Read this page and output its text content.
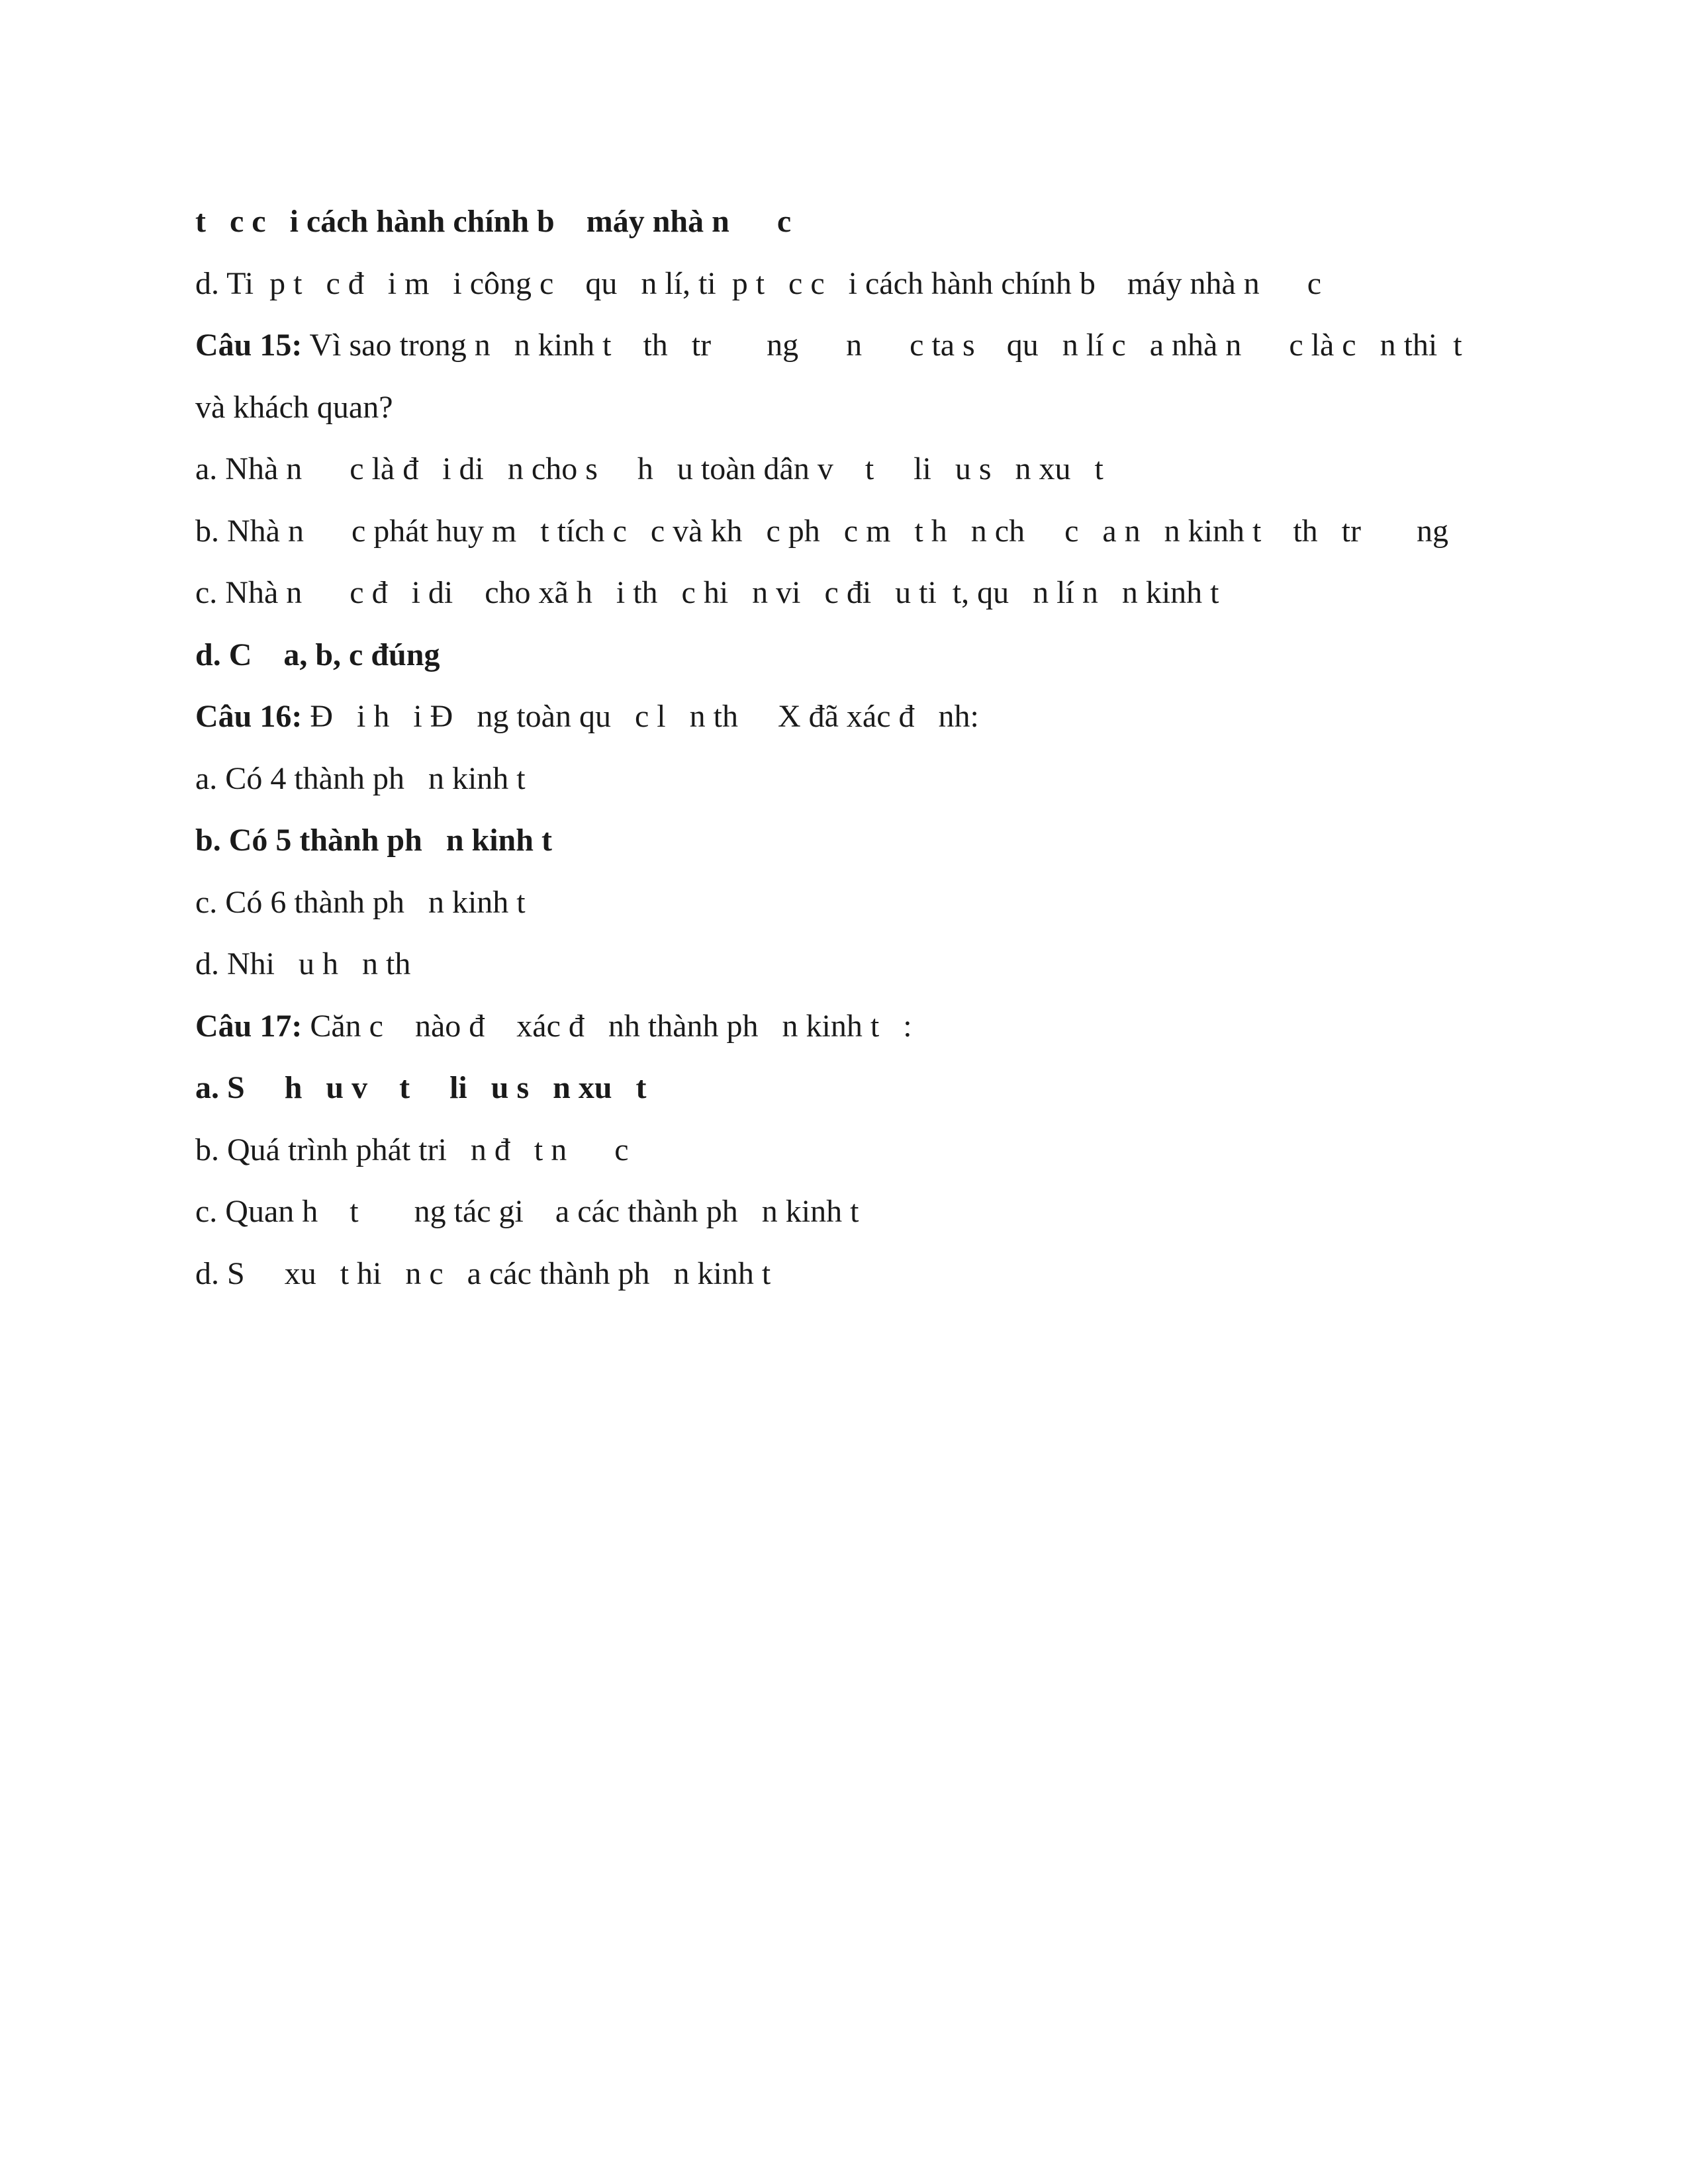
t   c c   i cách hành chính b    máy nhà n      c
d. Ti  p t   c đ   i m   i công c    qu   n lí, ti  p t   c c   i cách hành chính b    máy nhà n      c
Câu 15: Vì sao trong n   n kinh t    th   tr       ng      n      c ta s    qu   n lí c   a nhà n      c là c   n thi  t
và khách quan?
a. Nhà n      c là đ   i di   n cho s     h   u toàn dân v    t     li   u s   n xu   t
b. Nhà n      c phát huy m   t tích c   c và kh   c ph   c m   t h   n ch     c   a n   n kinh t    th   tr       ng
c. Nhà n      c đ   i di    cho xã h   i th   c hi   n vi   c đi   u ti  t, qu   n lí n   n kinh t
d. C    a, b, c đúng
Câu 16: Đ   i h   i Đ   ng toàn qu   c l   n th     X đã xác đ   nh:
a. Có 4 thành ph   n kinh t
b. Có 5 thành ph   n kinh t
c. Có 6 thành ph   n kinh t
d. Nhi   u h   n th
Câu 17: Căn c    nào đ    xác đ   nh thành ph   n kinh t   :
a. S     h   u v    t     li   u s   n xu   t
b. Quá trình phát tri   n đ   t n      c
c. Quan h    t       ng tác gi    a các thành ph   n kinh t
d. S     xu   t hi   n c   a các thành ph   n kinh t
